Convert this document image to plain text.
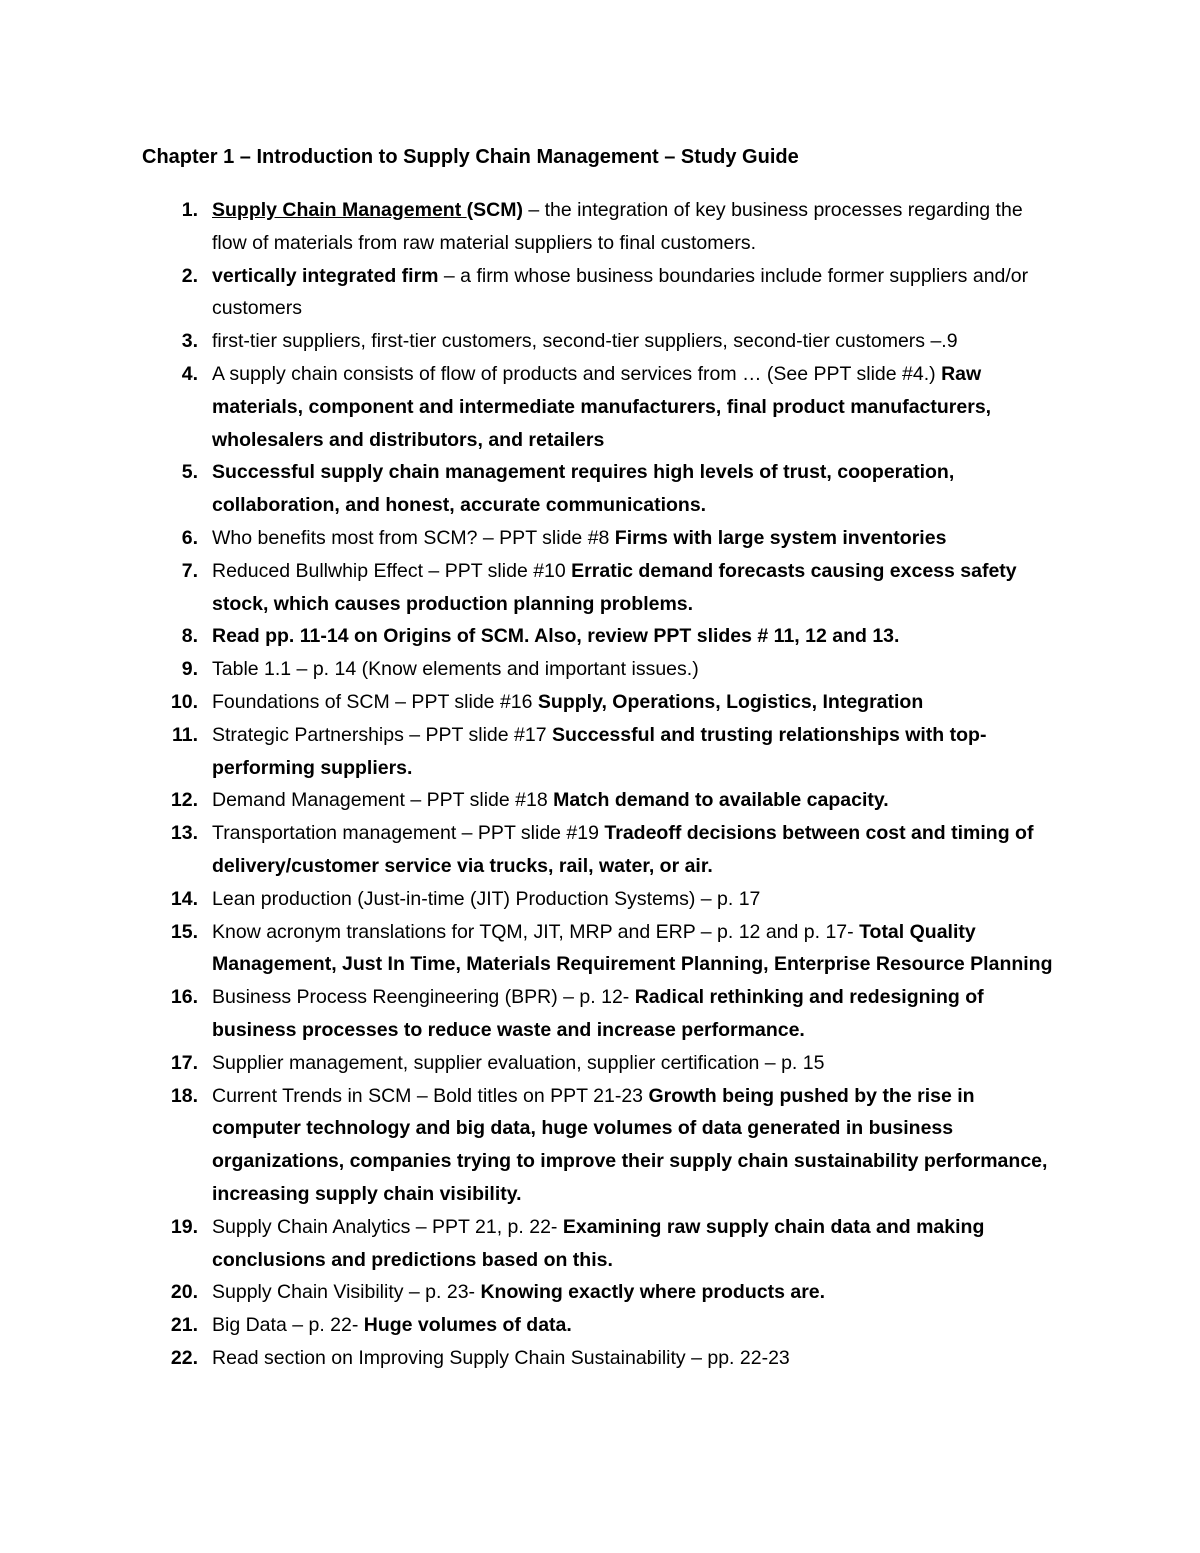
Chapter 1 – Introduction to Supply Chain Management – Study Guide
1. Supply Chain Management (SCM) – the integration of key business processes regarding the flow of materials from raw material suppliers to final customers.
2. vertically integrated firm – a firm whose business boundaries include former suppliers and/or customers
3. first-tier suppliers, first-tier customers, second-tier suppliers, second-tier customers –.9
4. A supply chain consists of flow of products and services from … (See PPT slide #4.) Raw materials, component and intermediate manufacturers, final product manufacturers, wholesalers and distributors, and retailers
5. Successful supply chain management requires high levels of trust, cooperation, collaboration, and honest, accurate communications.
6. Who benefits most from SCM? – PPT slide #8 Firms with large system inventories
7. Reduced Bullwhip Effect – PPT slide #10 Erratic demand forecasts causing excess safety stock, which causes production planning problems.
8. Read pp. 11-14 on Origins of SCM. Also, review PPT slides # 11, 12 and 13.
9. Table 1.1 – p. 14 (Know elements and important issues.)
10. Foundations of SCM – PPT slide #16 Supply, Operations, Logistics, Integration
11. Strategic Partnerships – PPT slide #17 Successful and trusting relationships with top-performing suppliers.
12. Demand Management – PPT slide #18 Match demand to available capacity.
13. Transportation management – PPT slide #19 Tradeoff decisions between cost and timing of delivery/customer service via trucks, rail, water, or air.
14. Lean production (Just-in-time (JIT) Production Systems) – p. 17
15. Know acronym translations for TQM, JIT, MRP and ERP – p. 12 and p. 17- Total Quality Management, Just In Time, Materials Requirement Planning, Enterprise Resource Planning
16. Business Process Reengineering (BPR) – p. 12- Radical rethinking and redesigning of business processes to reduce waste and increase performance.
17. Supplier management, supplier evaluation, supplier certification – p. 15
18. Current Trends in SCM – Bold titles on PPT 21-23 Growth being pushed by the rise in computer technology and big data, huge volumes of data generated in business organizations, companies trying to improve their supply chain sustainability performance, increasing supply chain visibility.
19. Supply Chain Analytics – PPT 21, p. 22- Examining raw supply chain data and making conclusions and predictions based on this.
20. Supply Chain Visibility – p. 23- Knowing exactly where products are.
21. Big Data – p. 22- Huge volumes of data.
22. Read section on Improving Supply Chain Sustainability – pp. 22-23
